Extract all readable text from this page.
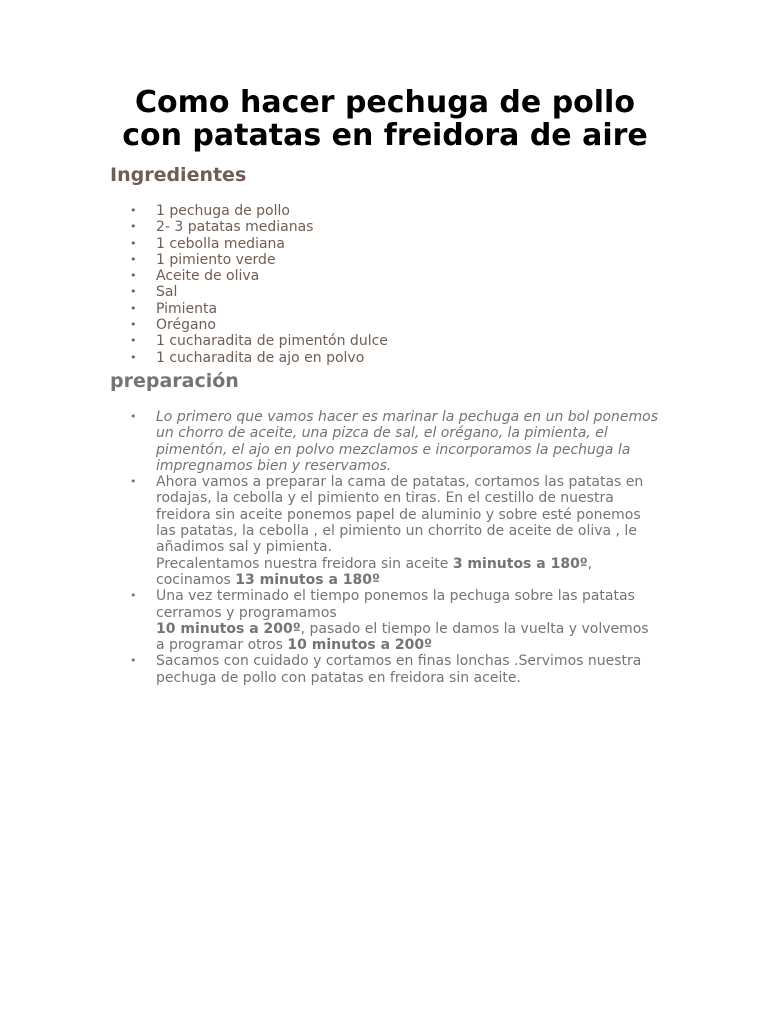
Como hacer pechuga de pollo con patatas en freidora de aire
Ingredientes
• 1 pechuga de pollo
• 2- 3 patatas medianas
• 1 cebolla mediana
• 1 pimiento verde
• Aceite de oliva
• Sal
• Pimienta
• Orégano
• 1 cucharadita de pimentón dulce
• 1 cucharadita de ajo en polvo
preparación
• Lo primero que vamos hacer es marinar la pechuga en un bol ponemos un chorro de aceite, una pizca de sal, el orégano, la pimienta, el pimentón, el ajo en polvo mezclamos e incorporamos la pechuga la impregnamos bien y reservamos.
• Ahora vamos a preparar la cama de patatas, cortamos las patatas en rodajas, la cebolla y el pimiento en tiras. En el cestillo de nuestra freidora sin aceite ponemos papel de aluminio y sobre esté ponemos las patatas, la cebolla , el pimiento un chorrito de aceite de oliva , le añadimos sal y pimienta.
Precalentamos nuestra freidora sin aceite 3 minutos a 180º,
cocinamos 13 minutos a 180º
• Una vez terminado el tiempo ponemos la pechuga sobre las patatas cerramos y programamos
10 minutos a 200º, pasado el tiempo le damos la vuelta y volvemos a programar otros 10 minutos a 200º
• Sacamos con cuidado y cortamos en finas lonchas .Servimos nuestra pechuga de pollo con patatas en freidora sin aceite.
